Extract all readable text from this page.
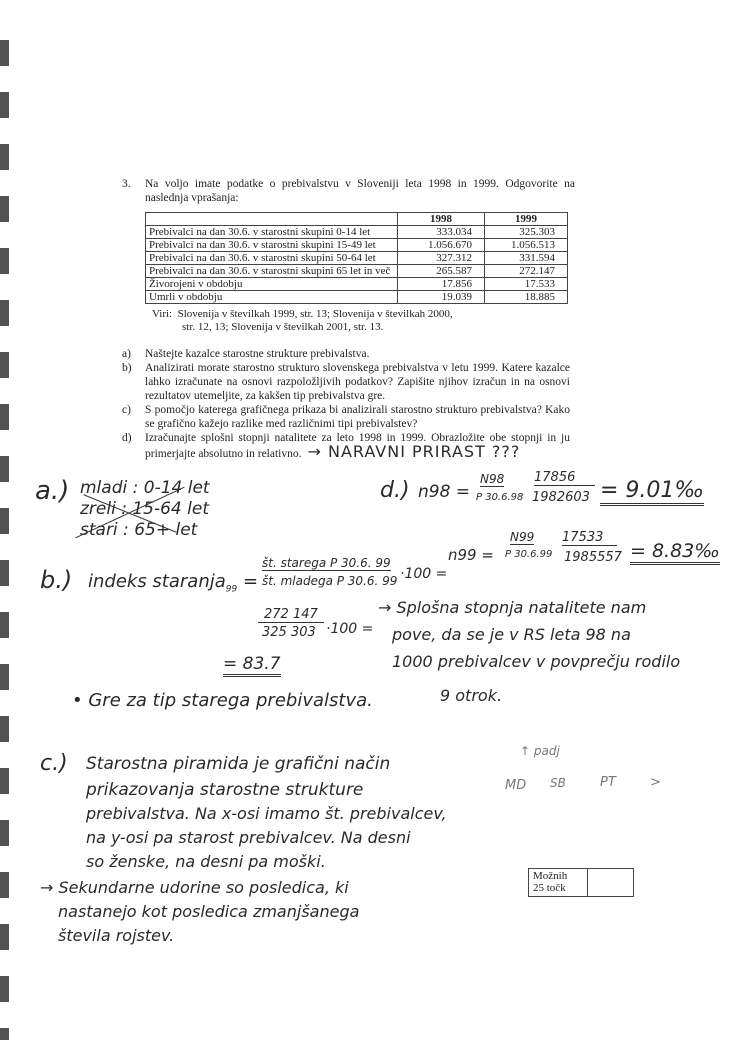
3. Na voljo imate podatke o prebivalstvu v Sloveniji leta 1998 in 1999. Odgovorite na naslednja vprašanja:
	1998	1999
Prebivalci na dan 30.6. v starostni skupini 0-14 let	333.034	325.303
Prebivalci na dan 30.6. v starostni skupini 15-49 let	1.056.670	1.056.513
Prebivalci na dan 30.6. v starostni skupini 50-64 let	327.312	331.594
Prebivalci na dan 30.6. v starostni skupini 65 let in več	265.587	272.147
Živorojeni v obdobju	17.856	17.533
Umrli v obdobju	19.039	18.885
Viri: Slovenija v številkah 1999, str. 13; Slovenija v številkah 2000,
str. 12, 13; Slovenija v številkah 2001, str. 13.
a)	Naštejte kazalce starostne strukture prebivalstva.
b)	Analizirati morate starostno strukturo slovenskega prebivalstva v letu 1999. Katere kazalce lahko izračunate na osnovi razpoložljivih podatkov? Zapišite njihov izračun in na osnovi rezultatov utemeljite, za kakšen tip prebivalstva gre.
c)	S pomočjo katerega grafičnega prikaza bi analizirali starostno strukturo prebivalstva? Kako se grafično kažejo razlike med različnimi tipi prebivalstev?
d)	Izračunajte splošni stopnji natalitete za leto 1998 in 1999. Obrazložite obe stopnji in ju primerjajte absolutno in relativno. → NARAVNI PRIRAST ???
a.) mladi : 0-14 let
zreli : 15-64 let
stari : 65+ let
b.) indeks staranja$_{99}$ =
št. starega P 30.6. 99
št. mladega P 30.6. 99 ·100 =
272 147
325 303 ·100 =
= 83.7
• Gre za tip starega prebivalstva.
d.) n98 =
N98
P 30.6.98
17856
1982603 = 9.01‰
n99 =
N99
P 30.6.99
17533
1985557 = 8.83‰
→ Splošna stopnja natalitete nam
pove, da se je v RS leta 98 na
1000 prebivalcev v povprečju rodilo
9 otrok.
c.) Starostna piramida je grafični način
prikazovanja starostne strukture
prebivalstva. Na x-osi imamo št. prebivalcev,
na y-osi pa starost prebivalcev. Na desni
so ženske, na desni pa moški.
→ Sekundarne udorine so posledica, ki
nastanejo kot posledica zmanjšanega
števila rojstev.
MD SB	PT	>
↑ padj
Možnih
25 točk
